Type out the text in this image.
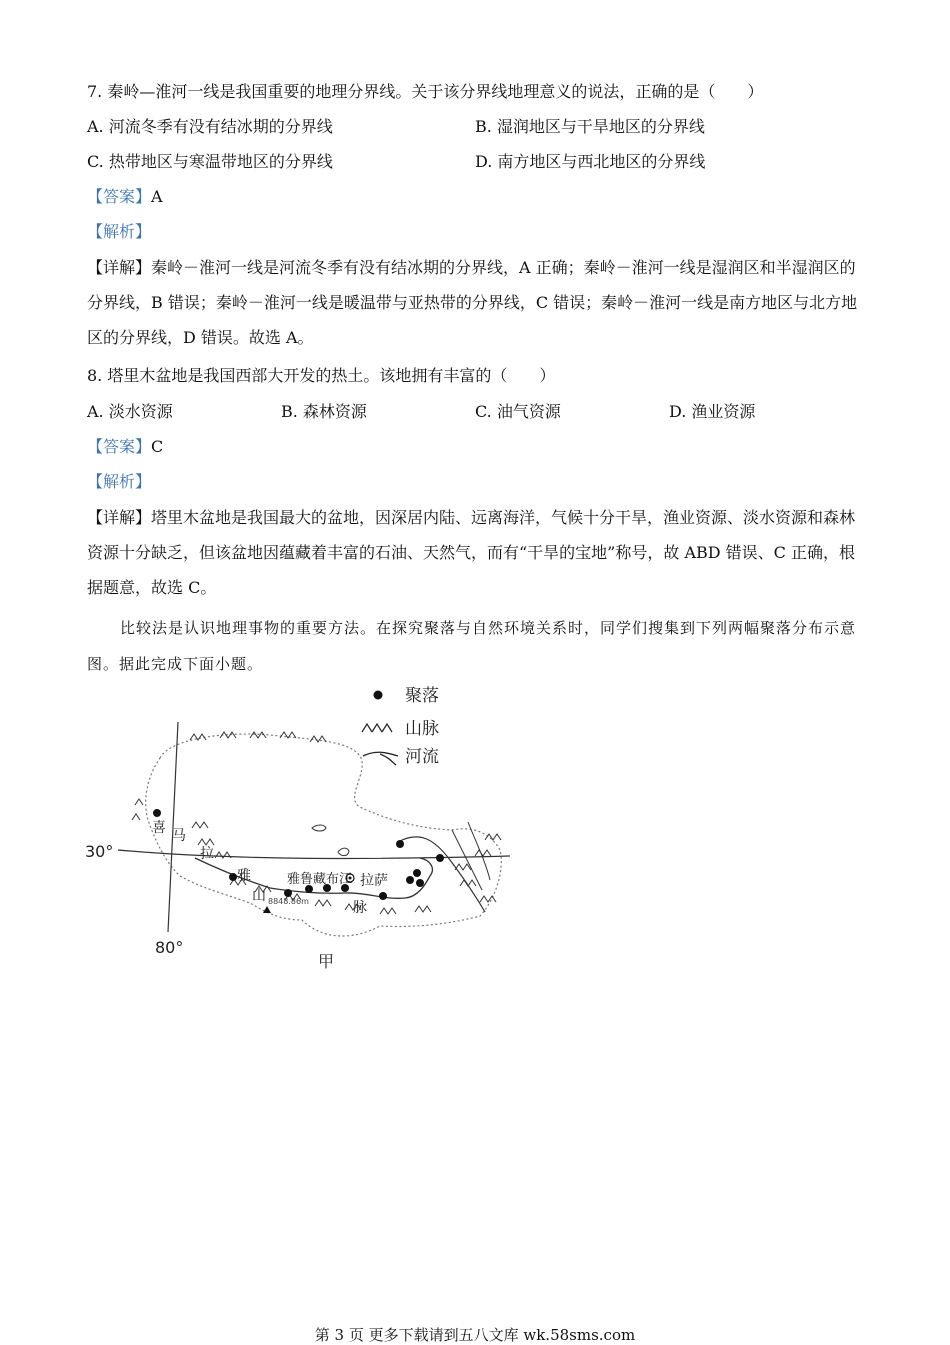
7. 秦岭—淮河一线是我国重要的地理分界线。关于该分界线地理意义的说法，正确的是（　　）
A. 河流冬季有没有结冰期的分界线	B. 湿润地区与干旱地区的分界线
C. 热带地区与寒温带地区的分界线	D. 南方地区与西北地区的分界线
【答案】A
【解析】
【详解】秦岭－淮河一线是河流冬季有没有结冰期的分界线，A 正确；秦岭－淮河一线是湿润区和半湿润区的分界线，B 错误；秦岭－淮河一线是暖温带与亚热带的分界线，C 错误；秦岭－淮河一线是南方地区与北方地区的分界线，D 错误。故选 A。
8. 塔里木盆地是我国西部大开发的热土。该地拥有丰富的（　　）
A. 淡水资源	B. 森林资源	C. 油气资源	D. 渔业资源
【答案】C
【解析】
【详解】塔里木盆地是我国最大的盆地，因深居内陆、远离海洋，气候十分干旱，渔业资源、淡水资源和森林资源十分缺乏，但该盆地因蕴藏着丰富的石油、天然气，而有“干旱的宝地”称号，故 ABD 错误、C 正确，根据题意，故选 C。
比较法是认识地理事物的重要方法。在探究聚落与自然环境关系时，同学们搜集到下列两幅聚落分布示意图。据此完成下面小题。
聚落
山脉
河流
30°
80°
喜 马
拉
雅
山
脉
雅鲁藏布江 拉萨
8848.86m
甲
第 3 页 更多下载请到五八文库 wk.58sms.com
